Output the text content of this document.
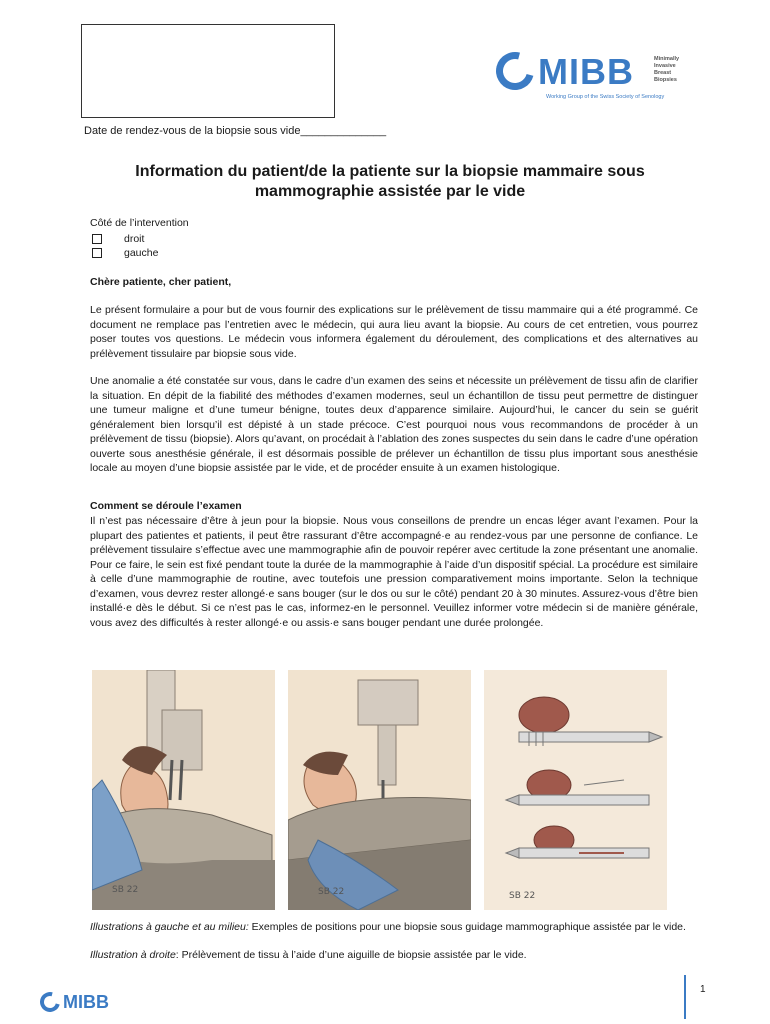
MIBB	Minimally
Invasive
Breast
Biopsies
Working Group of the Swiss Society of Senology
Date de rendez-vous de la biopsie sous vide______________
Information du patient/de la patiente sur la biopsie mammaire sous mammographie assistée par le vide
Côté de l’intervention
droit
gauche
Chère patiente, cher patient,
Le présent formulaire a pour but de vous fournir des explications sur le prélèvement de tissu mammaire qui a été programmé. Ce document ne remplace pas l’entretien avec le médecin, qui aura lieu avant la biopsie. Au cours de cet entretien, vous pourrez poser toutes vos questions. Le médecin vous informera également du déroulement, des complications et des alternatives au prélèvement tissulaire par biopsie sous vide.
Une anomalie a été constatée sur vous, dans le cadre d’un examen des seins et nécessite un prélèvement de tissu afin de clarifier la situation. En dépit de la fiabilité des méthodes d’examen modernes, seul un échantillon de tissu peut permettre de distinguer une tumeur maligne et d’une tumeur bénigne, toutes deux d’apparence similaire. Aujourd’hui, le cancer du sein se guérit généralement bien lorsqu’il est dépisté à un stade précoce. C’est pourquoi nous vous recommandons de procéder à un prélèvement de tissu (biopsie). Alors qu’avant, on procédait à l’ablation des zones suspectes du sein dans le cadre d’une opération ouverte sous anesthésie générale, il est désormais possible de prélever un échantillon de tissu plus important sous anesthésie locale au moyen d’une biopsie assistée par le vide, et de procéder ensuite à un examen histologique.
Comment se déroule l’examen
Il n’est pas nécessaire d’être à jeun pour la biopsie. Nous vous conseillons de prendre un encas léger avant l’examen. Pour la plupart des patientes et patients, il peut être rassurant d’être accompagné·e au rendez-vous par une personne de confiance. Le prélèvement tissulaire s’effectue avec une mammographie afin de pouvoir repérer avec certitude la zone présentant une anomalie. Pour ce faire, le sein est fixé pendant toute la durée de la mammographie à l’aide d’un dispositif spécial. La procédure est similaire à celle d’une mammographie de routine, avec toutefois une pression comparativement moins importante. Selon la technique d’examen, vous devrez rester allongé·e sans bouger (sur le dos ou sur le côté) pendant 20 à 30 minutes. Assurez-vous d’être bien installé·e dès le début. Si ce n’est pas le cas, informez-en le personnel. Veuillez informer votre médecin si de manière générale, vous avez des difficultés à rester allongé·e ou assis·e sans bouger pendant une durée prolongée.
SB 22	SB 22	SB 22
Illustrations à gauche et au milieu: Exemples de positions pour une biopsie sous guidage mammographique assistée par le vide.
Illustration à droite: Prélèvement de tissu à l’aide d’une aiguille de biopsie assistée par le vide.
1
MIBB
